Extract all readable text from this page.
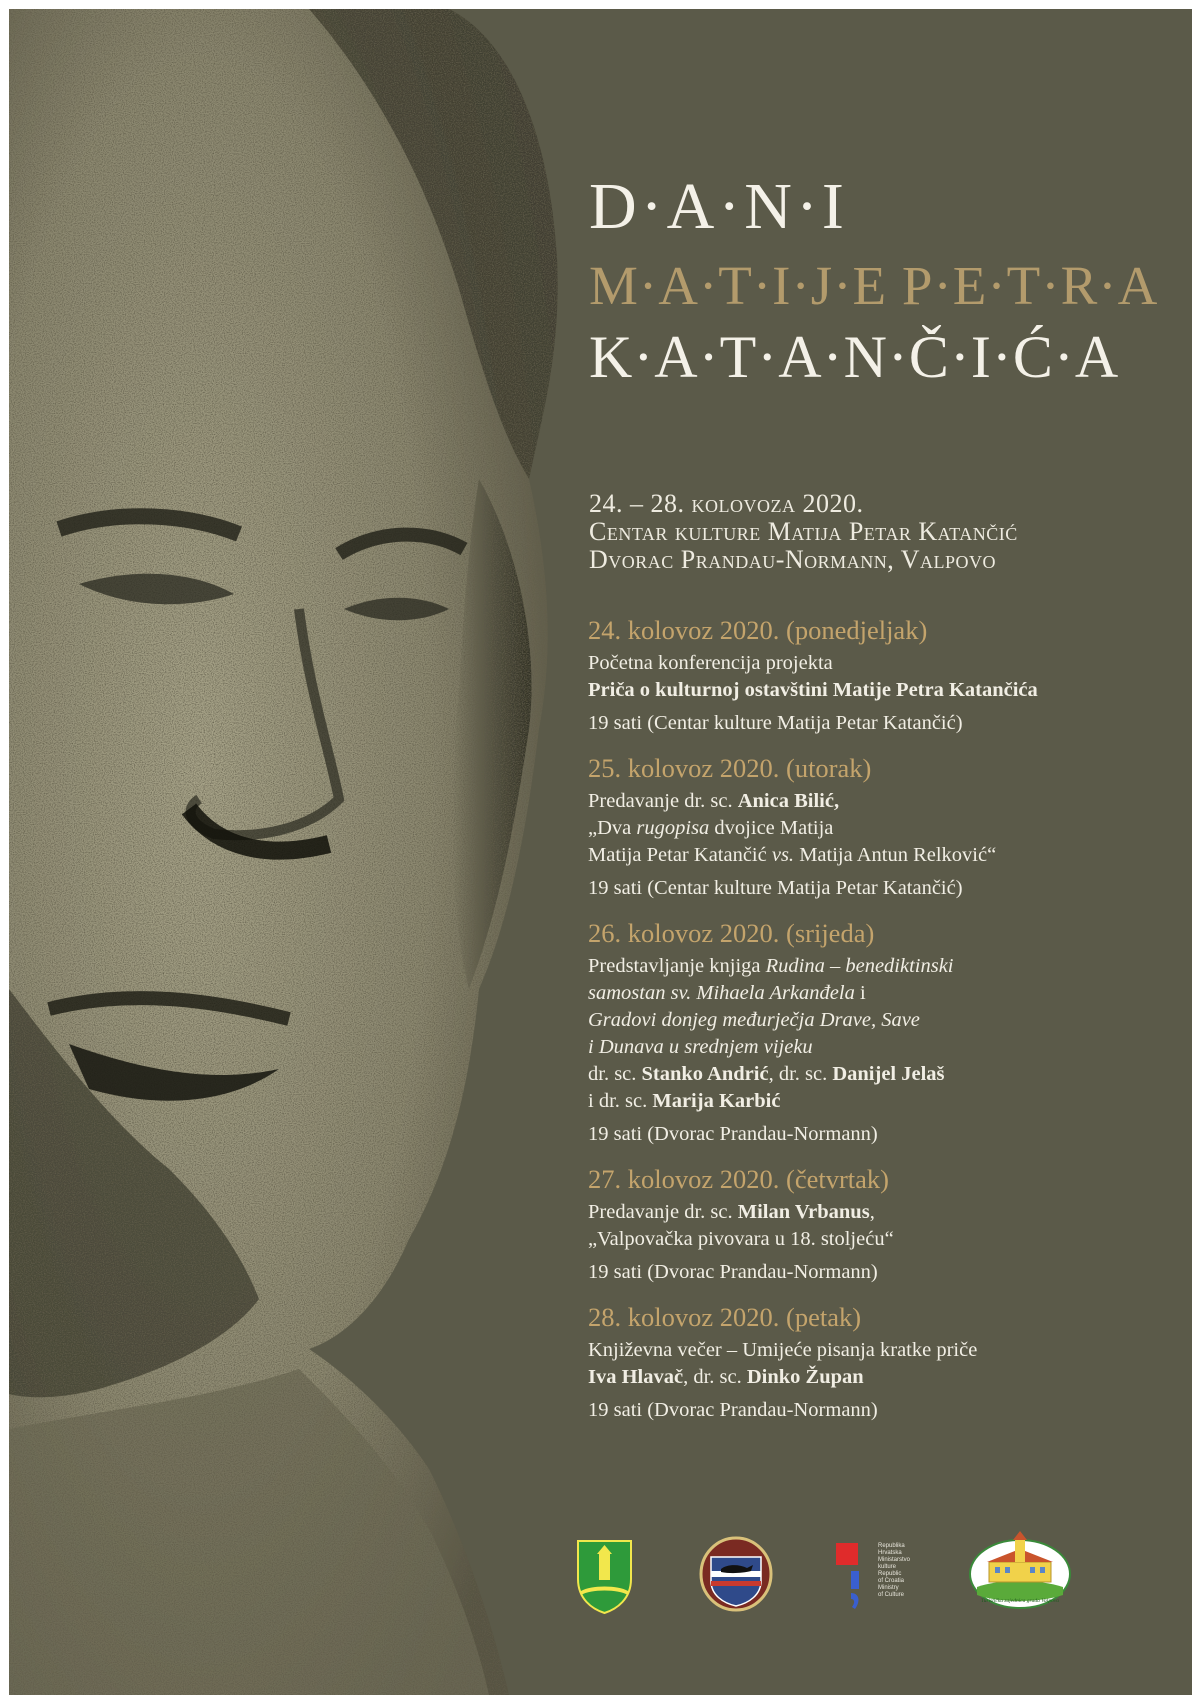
D·A·N·I
M·A·T·I·J·E P·E·T·R·A
K·A·T·A·N·Č·I·Ć·A
24. – 28. kolovoza 2020.
Centar kulture Matija Petar Katančić
Dvorac Prandau-Normann, Valpovo
24. kolovoz 2020. (ponedjeljak)
Početna konferencija projekta
Priča o kulturnoj ostavštini Matije Petra Katančića
19 sati (Centar kulture Matija Petar Katančić)
25. kolovoz 2020. (utorak)
Predavanje dr. sc. Anica Bilić,
„Dva rugopisa dvojice Matija
Matija Petar Katančić vs. Matija Antun Relković“
19 sati (Centar kulture Matija Petar Katančić)
26. kolovoz 2020. (srijeda)
Predstavljanje knjiga Rudina – benediktinski
samostan sv. Mihaela Arkanđela i
Gradovi donjeg međurječja Drave, Save
i Dunava u srednjem vijeku
dr. sc. Stanko Andrić, dr. sc. Danijel Jelaš
i dr. sc. Marija Karbić
19 sati (Dvorac Prandau-Normann)
27. kolovoz 2020. (četvrtak)
Predavanje dr. sc. Milan Vrbanus,
„Valpovačka pivovara u 18. stoljeću“
19 sati (Dvorac Prandau-Normann)
28. kolovoz 2020. (petak)
Književna večer – Umijeće pisanja kratke priče
Iva Hlavač, dr. sc. Dinko Župan
19 sati (Dvorac Prandau-Normann)
Turistička zajednica grada Valpova
Republika
Hrvatska
Ministarstvo
kulture
Republic
of Croatia
Ministry
of Culture
